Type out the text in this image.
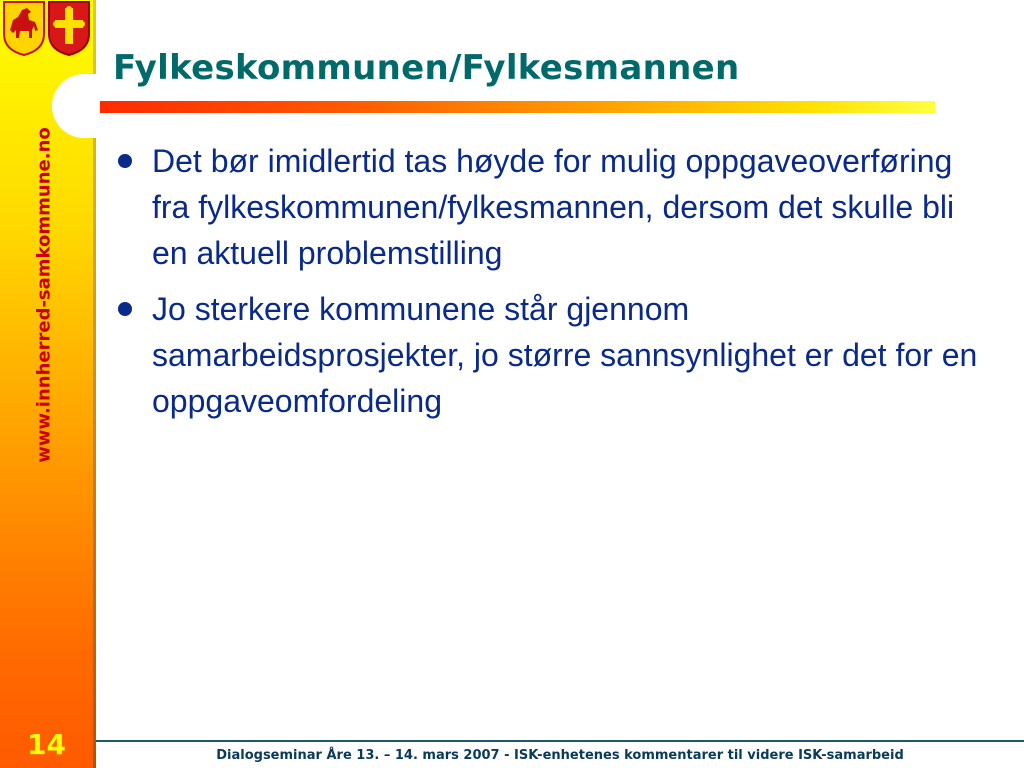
www.innherred-samkommune.no
Fylkeskommunen/Fylkesmannen
Det bør imidlertid tas høyde for mulig oppgaveoverføring fra fylkeskommunen/fylkesmannen, dersom det skulle bli en aktuell problemstilling
Jo sterkere kommunene står gjennom samarbeidsprosjekter, jo større sannsynlighet er det for en oppgaveomfordeling
14	Dialogseminar Åre 13. – 14. mars 2007 - ISK-enhetenes kommentarer til videre ISK-samarbeid
